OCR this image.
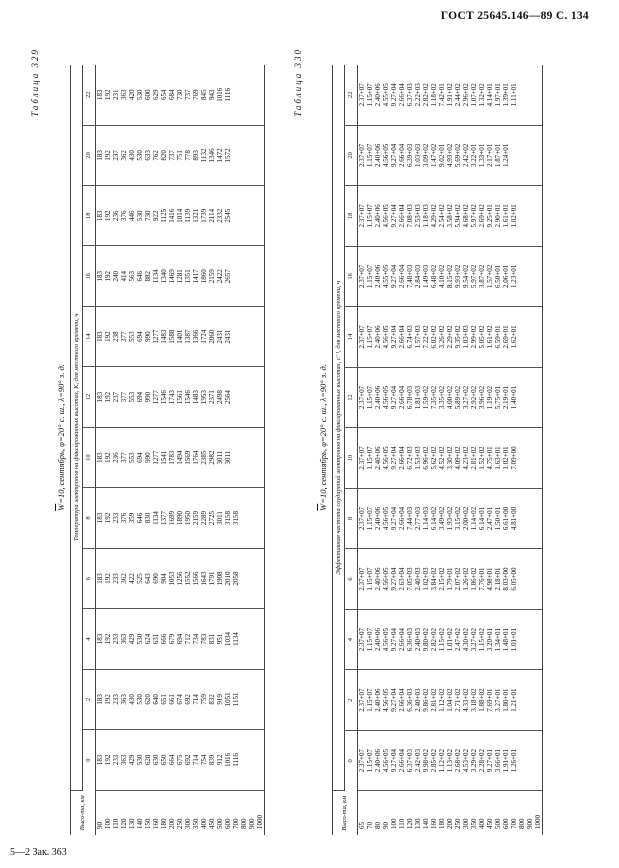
ГОСТ 25645.146—89 С. 134
Таблица 329
$\overline{W}=10$, сентябрь, φ=20° с. ш., λ=90° з. д.
Высо-та, км	Температура электронов на фиксированных высотах, К, для местного времени, ч											
	0	2	4	6	8	10	12	14	16	18	20	22
90	183	183	183	183	183	183	183	183	183	183	183	183
100	192	192	192	192	192	192	192	192	192	192	192	192
110	233	233	233	233	233	236	237	238	240	236	237	231
120	363	363	363	362	376	377	377	377	414	376	362	363
130	429	430	429	422	359	553	553	553	563	446	430	420
140	530	530	530	525	646	694	694	694	646	530	530	530
150	620	620	624	643	830	990	990	990	882	730	633	600
160	630	640	631	690	1134	1277	1277	1277	1134	922	762	629
180	650	651	666	904	1377	1541	1546	1483	1340	1125	820	654
200	664	661	679	1053	1699	1783	1743	1588	1469	1416	737	684
250	675	674	694	1256	1890	1494	1561	1401	1281	1014	751	730
300	692	692	712	1552	1950	1569	1546	1387	1351	1139	778	737
350	714	714	734	1566	2159	1764	1483	1366	1417	1321	893	769
400	754	759	783	1643	2289	2385	1953	1724	1860	1739	1132	845
450	839	832	831	1791	2725	2982	2371	2060	2159	2114	1346	943
500	912	919	951	1908	3011	3011	2498	2431	2422	2332	1472	1016
600	1016	1051	1034	2010	3158	3011	2564	2431	2657	2545	1572	1116
700	1116	1151	1134	2058	3158							
800												
900												
1000												
Таблица 330
$\overline{W}=10$, сентябрь, φ=20° с. ш., λ=90° з. д.
Высо-та, км	Эффективная частота соударений электронов на фиксированных высотах, с⁻¹, для местного времени, ч											
	0	2	4	6	8	10	12	14	16	18	20	22
65	2.37+07	2.37+07	2.37+07	2.37+07	2.37+07	2.37+07	2.37+07	2.37+07	2.37+07	2.37+07	2.37+07	2.37+07
70	1.15+07	1.15+07	1.15+07	1.15+07	1.15+07	1.15+07	1.15+07	1.15+07	1.15+07	1.15+07	1.15+07	1.15+07
80	2.40+06	2.40+06	2.40+06	2.40+06	2.40+06	2.40+06	2.40+06	2.40+06	2.40+06	2.40+06	2.40+06	2.40+06
90	4.56+05	4.56+05	4.56+05	4.56+05	4.56+05	4.56+05	4.56+05	4.56+05	4.55+05	4.56+05	4.56+05	4.55+05
100	9.27+04	9.27+04	9.27+04	9.27+04	9.27+04	9.27+04	9.27+04	9.27+04	9.27+04	9.27+04	9.27+04	9.27+04
110	2.66+04	2.66+04	2.66+04	2.63+04	2.66+04	2.66+04	2.66+04	2.66+04	2.66+04	2.66+04	2.66+04	2.66+04
120	6.37+03	6.36+03	6.36+03	7.05+03	7.44+03	6.72+03	6.78+03	6.74+03	7.48+03	7.08+03	6.39+03	6.37+03
130	2.42+03	2.40+03	2.40+03	2.40+03	2.77+03	1.53+03	1.81+03	1.57+03	2.84+03	2.53+03	1.03+03	2.22+03
140	9.98+02	9.86+02	9.80+02	1.02+03	1.14+03	6.96+02	1.59+02	7.22+02	1.49+03	1.18+03	3.09+02	2.82+02
160	2.85+02	2.81+02	2.82+02	3.84+02	6.14+02	5.62+02	7.35+02	6.02+02	6.48+02	4.29+02	1.47+02	1.18+02
180	1.12+02	1.12+02	1.15+02	2.15+02	3.49+02	4.52+02	3.35+02	3.26+02	4.10+02	2.54+02	9.02+01	7.42+01
200	1.13+02	1.04+02	1.01+02	1.79+01	1.93+02	3.30+02	4.00+02	2.29+02	8.15+02	3.58+02	4.93+02	1.91+02
250	2.68+02	2.71+02	2.47+02	2.07+02	3.15+02	4.09+02	5.89+02	9.35+02	9.93+02	5.94+02	5.69+02	2.44+02
300	4.53+02	4.33+02	4.30+02	1.26+02	2.00+02	4.23+02	3.27+02	1.03+03	9.54+02	4.68+02	2.42+02	2.96+02
350	3.29+02	3.18+02	3.27+02	1.86+02	1.14+02	2.81+02	2.92+02	2.99+02	5.97+02	5.97+02	3.22+01	1.07+02
400	2.28+02	1.88+02	1.15+02	7.76+01	6.14+01	1.52+02	3.96+02	5.05+02	3.87+02	2.69+02	1.33+01	1.32+02
450	9.27+01	7.69+01	3.20+01	4.98+01	2.47+01	4.75+01	1.19+02	1.61+02	1.57+02	9.25+01	2.17+01	4.14+01
500	3.66+01	3.27+01	1.34+01	2.18+01	1.50+01	1.63+01	5.75+01	6.59+01	6.50+01	2.90+01	1.87+01	1.97+01
600	1.91+01	1.80+01	1.48+01	8.03+00	6.61+00	1.02+01	2.19+01	2.69+01	2.06+01	1.61+01	1.24+01	1.39+01
700	1.26+01	1.21+01	1.01+01	6.05+00	4.81+00	7.09+00	1.40+01	1.62+01	1.23+01	1.02+01		1.11+01
800												
900												
1000												
5—2 Зак. 363
